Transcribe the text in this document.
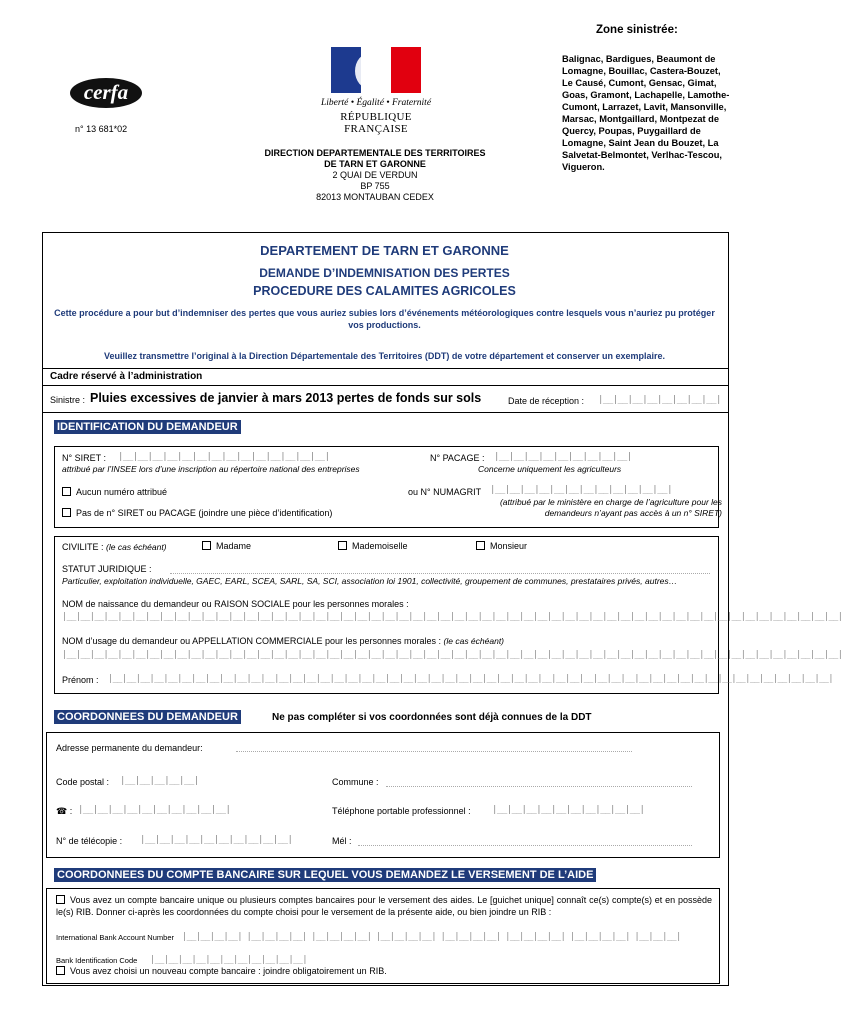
cerfa
n° 13 681*02
Liberté • Égalité • Fraternité
RÉPUBLIQUE FRANÇAISE
DIRECTION DEPARTEMENTALE DES TERRITOIRES
DE TARN ET GARONNE
2 QUAI DE VERDUN
BP 755
82013 MONTAUBAN CEDEX
Zone sinistrée:
Balignac, Bardigues, Beaumont de Lomagne, Bouillac, Castera-Bouzet, Le Causé, Cumont, Gensac, Gimat, Goas, Gramont, Lachapelle, Lamothe-Cumont, Larrazet, Lavit, Mansonville, Marsac, Montgaillard, Montpezat de Quercy, Poupas, Puygaillard de Lomagne, Saint Jean du Bouzet, La Salvetat-Belmontet, Verlhac-Tescou, Vigueron.
DEPARTEMENT DE TARN ET GARONNE
DEMANDE D’INDEMNISATION DES PERTES
PROCEDURE DES CALAMITES AGRICOLES
Cette procédure a pour but d’indemniser des pertes que vous auriez subies lors d’événements météorologiques contre lesquels vous n’auriez pu protéger vos productions.
Veuillez transmettre l’original à la Direction Départementale des Territoires (DDT) de votre département et conserver un exemplaire.
Cadre réservé à l’administration
Sinistre : Pluies excessives de janvier à mars 2013 pertes de fonds sur sols	Date de réception : |__|__|__|__|__|__|__|__|
IDENTIFICATION DU DEMANDEUR
N° SIRET : |__|__|__|__|__|__|__|__|__|__|__|__|__|__|
attribué par l’INSEE lors d’une inscription au répertoire national des entreprises
N° PACAGE : |__|__|__|__|__|__|__|__|__|
Concerne uniquement les agriculteurs
Aucun numéro attribué	ou N° NUMAGRIT |__|__|__|__|__|__|__|__|__|__|__|__|
(attribué par le ministère en charge de l’agriculture pour les demandeurs n’ayant pas accès à un n° SIRET)
Pas de n° SIRET ou PACAGE (joindre une pièce d’identification)
CIVILITE : (le cas échéant)	Madame	Mademoiselle	Monsieur
STATUT JURIDIQUE :
Particulier, exploitation individuelle, GAEC, EARL, SCEA, SARL, SA, SCI, association loi 1901, collectivité, groupement de communes, prestataires privés, autres…
NOM de naissance du demandeur ou RAISON SOCIALE pour les personnes morales :
|__|__|__|__|__|__|__|__|__|__|__|__|__|__|__|__|__|__|__|__|__|__|__|__|__|__|__|__|__|__|__|__|__|__|__|__|__|__|__|__|__|__|__|__|__|__|__|__|__|__|__|__|__|__|__|__|
NOM d’usage du demandeur ou APPELLATION COMMERCIALE pour les personnes morales : (le cas échéant)
|__|__|__|__|__|__|__|__|__|__|__|__|__|__|__|__|__|__|__|__|__|__|__|__|__|__|__|__|__|__|__|__|__|__|__|__|__|__|__|__|__|__|__|__|__|__|__|__|__|__|__|__|__|__|__|__|
Prénom : |__|__|__|__|__|__|__|__|__|__|__|__|__|__|__|__|__|__|__|__|__|__|__|__|__|__|__|__|__|__|__|__|__|__|__|__|__|__|__|__|__|__|__|__|__|__|__|__|__|__|__|__|
COORDONNEES DU DEMANDEUR	Ne pas compléter si vos coordonnées sont déjà connues de la DDT
Adresse permanente du demandeur:
Code postal : |__|__|__|__|__|	Commune :
☎ : |__|__|__|__|__|__|__|__|__|__|	Téléphone portable professionnel : |__|__|__|__|__|__|__|__|__|__|
N° de télécopie : |__|__|__|__|__|__|__|__|__|__|	Mél :
COORDONNEES DU COMPTE BANCAIRE SUR LEQUEL VOUS DEMANDEZ LE VERSEMENT DE L’AIDE
Vous avez un compte bancaire unique ou plusieurs comptes bancaires pour le versement des aides. Le [guichet unique] connaît ce(s) compte(s) et en possède le(s) RIB. Donner ci-après les coordonnées du compte choisi pour le versement de la présente aide, ou bien joindre un RIB :
International Bank Account Number |__|__|__|__| |__|__|__|__| |__|__|__|__| |__|__|__|__| |__|__|__|__| |__|__|__|__| |__|__|__|__| |__|__|__|
Bank Identification Code |__|__|__|__|__|__|__|__|__|__|__|
Vous avez choisi un nouveau compte bancaire : joindre obligatoirement un RIB.
